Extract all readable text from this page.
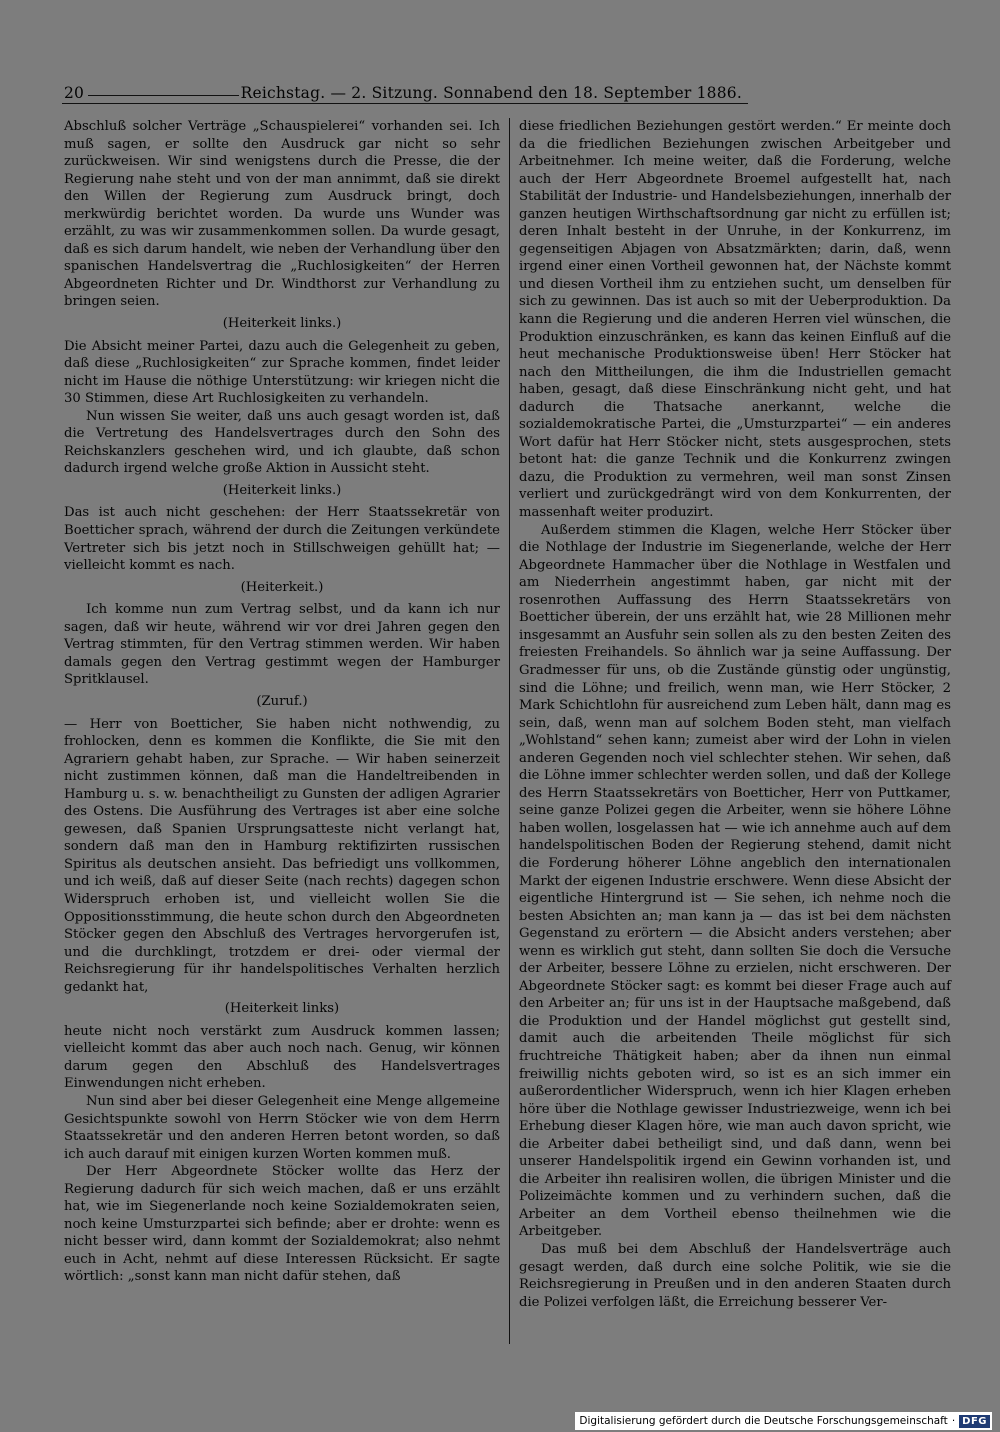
20	Reichstag. — 2. Sitzung. Sonnabend den 18. September 1886.

Abschluß solcher Verträge „Schauspielerei“ vorhanden sei. Ich muß sagen, er sollte den Ausdruck gar nicht so sehr zurückweisen. Wir sind wenigstens durch die Presse, die der Regierung nahe steht und von der man annimmt, daß sie direkt den Willen der Regierung zum Ausdruck bringt, doch merkwürdig berichtet worden. Da wurde uns Wunder was erzählt, zu was wir zusammenkommen sollen. Da wurde gesagt, daß es sich darum handelt, wie neben der Verhandlung über den spanischen Handelsvertrag die „Ruchlosigkeiten“ der Herren Abgeordneten Richter und Dr. Windthorst zur Verhandlung zu bringen seien.

(Heiterkeit links.)

Die Absicht meiner Partei, dazu auch die Gelegenheit zu geben, daß diese „Ruchlosigkeiten“ zur Sprache kommen, findet leider nicht im Hause die nöthige Unterstützung: wir kriegen nicht die 30 Stimmen, diese Art Ruchlosigkeiten zu verhandeln.

Nun wissen Sie weiter, daß uns auch gesagt worden ist, daß die Vertretung des Handelsvertrages durch den Sohn des Reichskanzlers geschehen wird, und ich glaubte, daß schon dadurch irgend welche große Aktion in Aussicht steht.

(Heiterkeit links.)

Das ist auch nicht geschehen: der Herr Staatssekretär von Boetticher sprach, während der durch die Zeitungen verkündete Vertreter sich bis jetzt noch in Stillschweigen gehüllt hat; — vielleicht kommt es nach.

(Heiterkeit.)

Ich komme nun zum Vertrag selbst, und da kann ich nur sagen, daß wir heute, während wir vor drei Jahren gegen den Vertrag stimmten, für den Vertrag stimmen werden. Wir haben damals gegen den Vertrag gestimmt wegen der Hamburger Spritklausel.

(Zuruf.)

— Herr von Boetticher, Sie haben nicht nothwendig, zu frohlocken, denn es kommen die Konflikte, die Sie mit den Agrariern gehabt haben, zur Sprache. — Wir haben seinerzeit nicht zustimmen können, daß man die Handeltreibenden in Hamburg u. s. w. benachtheiligt zu Gunsten der adligen Agrarier des Ostens. Die Ausführung des Vertrages ist aber eine solche gewesen, daß Spanien Ursprungsatteste nicht verlangt hat, sondern daß man den in Hamburg rektifizirten russischen Spiritus als deutschen ansieht. Das befriedigt uns vollkommen, und ich weiß, daß auf dieser Seite (nach rechts) dagegen schon Widerspruch erhoben ist, und vielleicht wollen Sie die Oppositionsstimmung, die heute schon durch den Abgeordneten Stöcker gegen den Abschluß des Vertrages hervorgerufen ist, und die durchklingt, trotzdem er drei- oder viermal der Reichsregierung für ihr handelspolitisches Verhalten herzlich gedankt hat,

(Heiterkeit links)

heute nicht noch verstärkt zum Ausdruck kommen lassen; vielleicht kommt das aber auch noch nach. Genug, wir können darum gegen den Abschluß des Handelsvertrages Einwendungen nicht erheben.

Nun sind aber bei dieser Gelegenheit eine Menge allgemeine Gesichtspunkte sowohl von Herrn Stöcker wie von dem Herrn Staatssekretär und den anderen Herren betont worden, so daß ich auch darauf mit einigen kurzen Worten kommen muß.

Der Herr Abgeordnete Stöcker wollte das Herz der Regierung dadurch für sich weich machen, daß er uns erzählt hat, wie im Siegenerlande noch keine Sozialdemokraten seien, noch keine Umsturzpartei sich befinde; aber er drohte: wenn es nicht besser wird, dann kommt der Sozialdemokrat; also nehmt euch in Acht, nehmt auf diese Interessen Rücksicht. Er sagte wörtlich: „sonst kann man nicht dafür stehen, daß

diese friedlichen Beziehungen gestört werden.“ Er meinte doch da die friedlichen Beziehungen zwischen Arbeitgeber und Arbeitnehmer. Ich meine weiter, daß die Forderung, welche auch der Herr Abgeordnete Broemel aufgestellt hat, nach Stabilität der Industrie- und Handelsbeziehungen, innerhalb der ganzen heutigen Wirthschaftsordnung gar nicht zu erfüllen ist; deren Inhalt besteht in der Unruhe, in der Konkurrenz, im gegenseitigen Abjagen von Absatzmärkten; darin, daß, wenn irgend einer einen Vortheil gewonnen hat, der Nächste kommt und diesen Vortheil ihm zu entziehen sucht, um denselben für sich zu gewinnen. Das ist auch so mit der Ueberproduktion. Da kann die Regierung und die anderen Herren viel wünschen, die Produktion einzuschränken, es kann das keinen Einfluß auf die heut mechanische Produktionsweise üben! Herr Stöcker hat nach den Mittheilungen, die ihm die Industriellen gemacht haben, gesagt, daß diese Einschränkung nicht geht, und hat dadurch die Thatsache anerkannt, welche die sozialdemokratische Partei, die „Umsturzpartei“ — ein anderes Wort dafür hat Herr Stöcker nicht, stets ausgesprochen, stets betont hat: die ganze Technik und die Konkurrenz zwingen dazu, die Produktion zu vermehren, weil man sonst Zinsen verliert und zurückgedrängt wird von dem Konkurrenten, der massenhaft weiter produzirt.

Außerdem stimmen die Klagen, welche Herr Stöcker über die Nothlage der Industrie im Siegenerlande, welche der Herr Abgeordnete Hammacher über die Nothlage in Westfalen und am Niederrhein angestimmt haben, gar nicht mit der rosenrothen Auffassung des Herrn Staatssekretärs von Boetticher überein, der uns erzählt hat, wie 28 Millionen mehr insgesammt an Ausfuhr sein sollen als zu den besten Zeiten des freiesten Freihandels. So ähnlich war ja seine Auffassung. Der Gradmesser für uns, ob die Zustände günstig oder ungünstig, sind die Löhne; und freilich, wenn man, wie Herr Stöcker, 2 Mark Schichtlohn für ausreichend zum Leben hält, dann mag es sein, daß, wenn man auf solchem Boden steht, man vielfach „Wohlstand“ sehen kann; zumeist aber wird der Lohn in vielen anderen Gegenden noch viel schlechter stehen. Wir sehen, daß die Löhne immer schlechter werden sollen, und daß der Kollege des Herrn Staatssekretärs von Boetticher, Herr von Puttkamer, seine ganze Polizei gegen die Arbeiter, wenn sie höhere Löhne haben wollen, losgelassen hat — wie ich annehme auch auf dem handelspolitischen Boden der Regierung stehend, damit nicht die Forderung höherer Löhne angeblich den internationalen Markt der eigenen Industrie erschwere. Wenn diese Absicht der eigentliche Hintergrund ist — Sie sehen, ich nehme noch die besten Absichten an; man kann ja — das ist bei dem nächsten Gegenstand zu erörtern — die Absicht anders verstehen; aber wenn es wirklich gut steht, dann sollten Sie doch die Versuche der Arbeiter, bessere Löhne zu erzielen, nicht erschweren. Der Abgeordnete Stöcker sagt: es kommt bei dieser Frage auch auf den Arbeiter an; für uns ist in der Hauptsache maßgebend, daß die Produktion und der Handel möglichst gut gestellt sind, damit auch die arbeitenden Theile möglichst für sich fruchtreiche Thätigkeit haben; aber da ihnen nun einmal freiwillig nichts geboten wird, so ist es an sich immer ein außerordentlicher Widerspruch, wenn ich hier Klagen erheben höre über die Nothlage gewisser Industriezweige, wenn ich bei Erhebung dieser Klagen höre, wie man auch davon spricht, wie die Arbeiter dabei betheiligt sind, und daß dann, wenn bei unserer Handelspolitik irgend ein Gewinn vorhanden ist, und die Arbeiter ihn realisiren wollen, die übrigen Minister und die Polizeimächte kommen und zu verhindern suchen, daß die Arbeiter an dem Vortheil ebenso theilnehmen wie die Arbeitgeber.

Das muß bei dem Abschluß der Handelsverträge auch gesagt werden, daß durch eine solche Politik, wie sie die Reichsregierung in Preußen und in den anderen Staaten durch die Polizei verfolgen läßt, die Erreichung besserer Ver-

Digitalisierung gefördert durch die Deutsche Forschungsgemeinschaft · DFG
